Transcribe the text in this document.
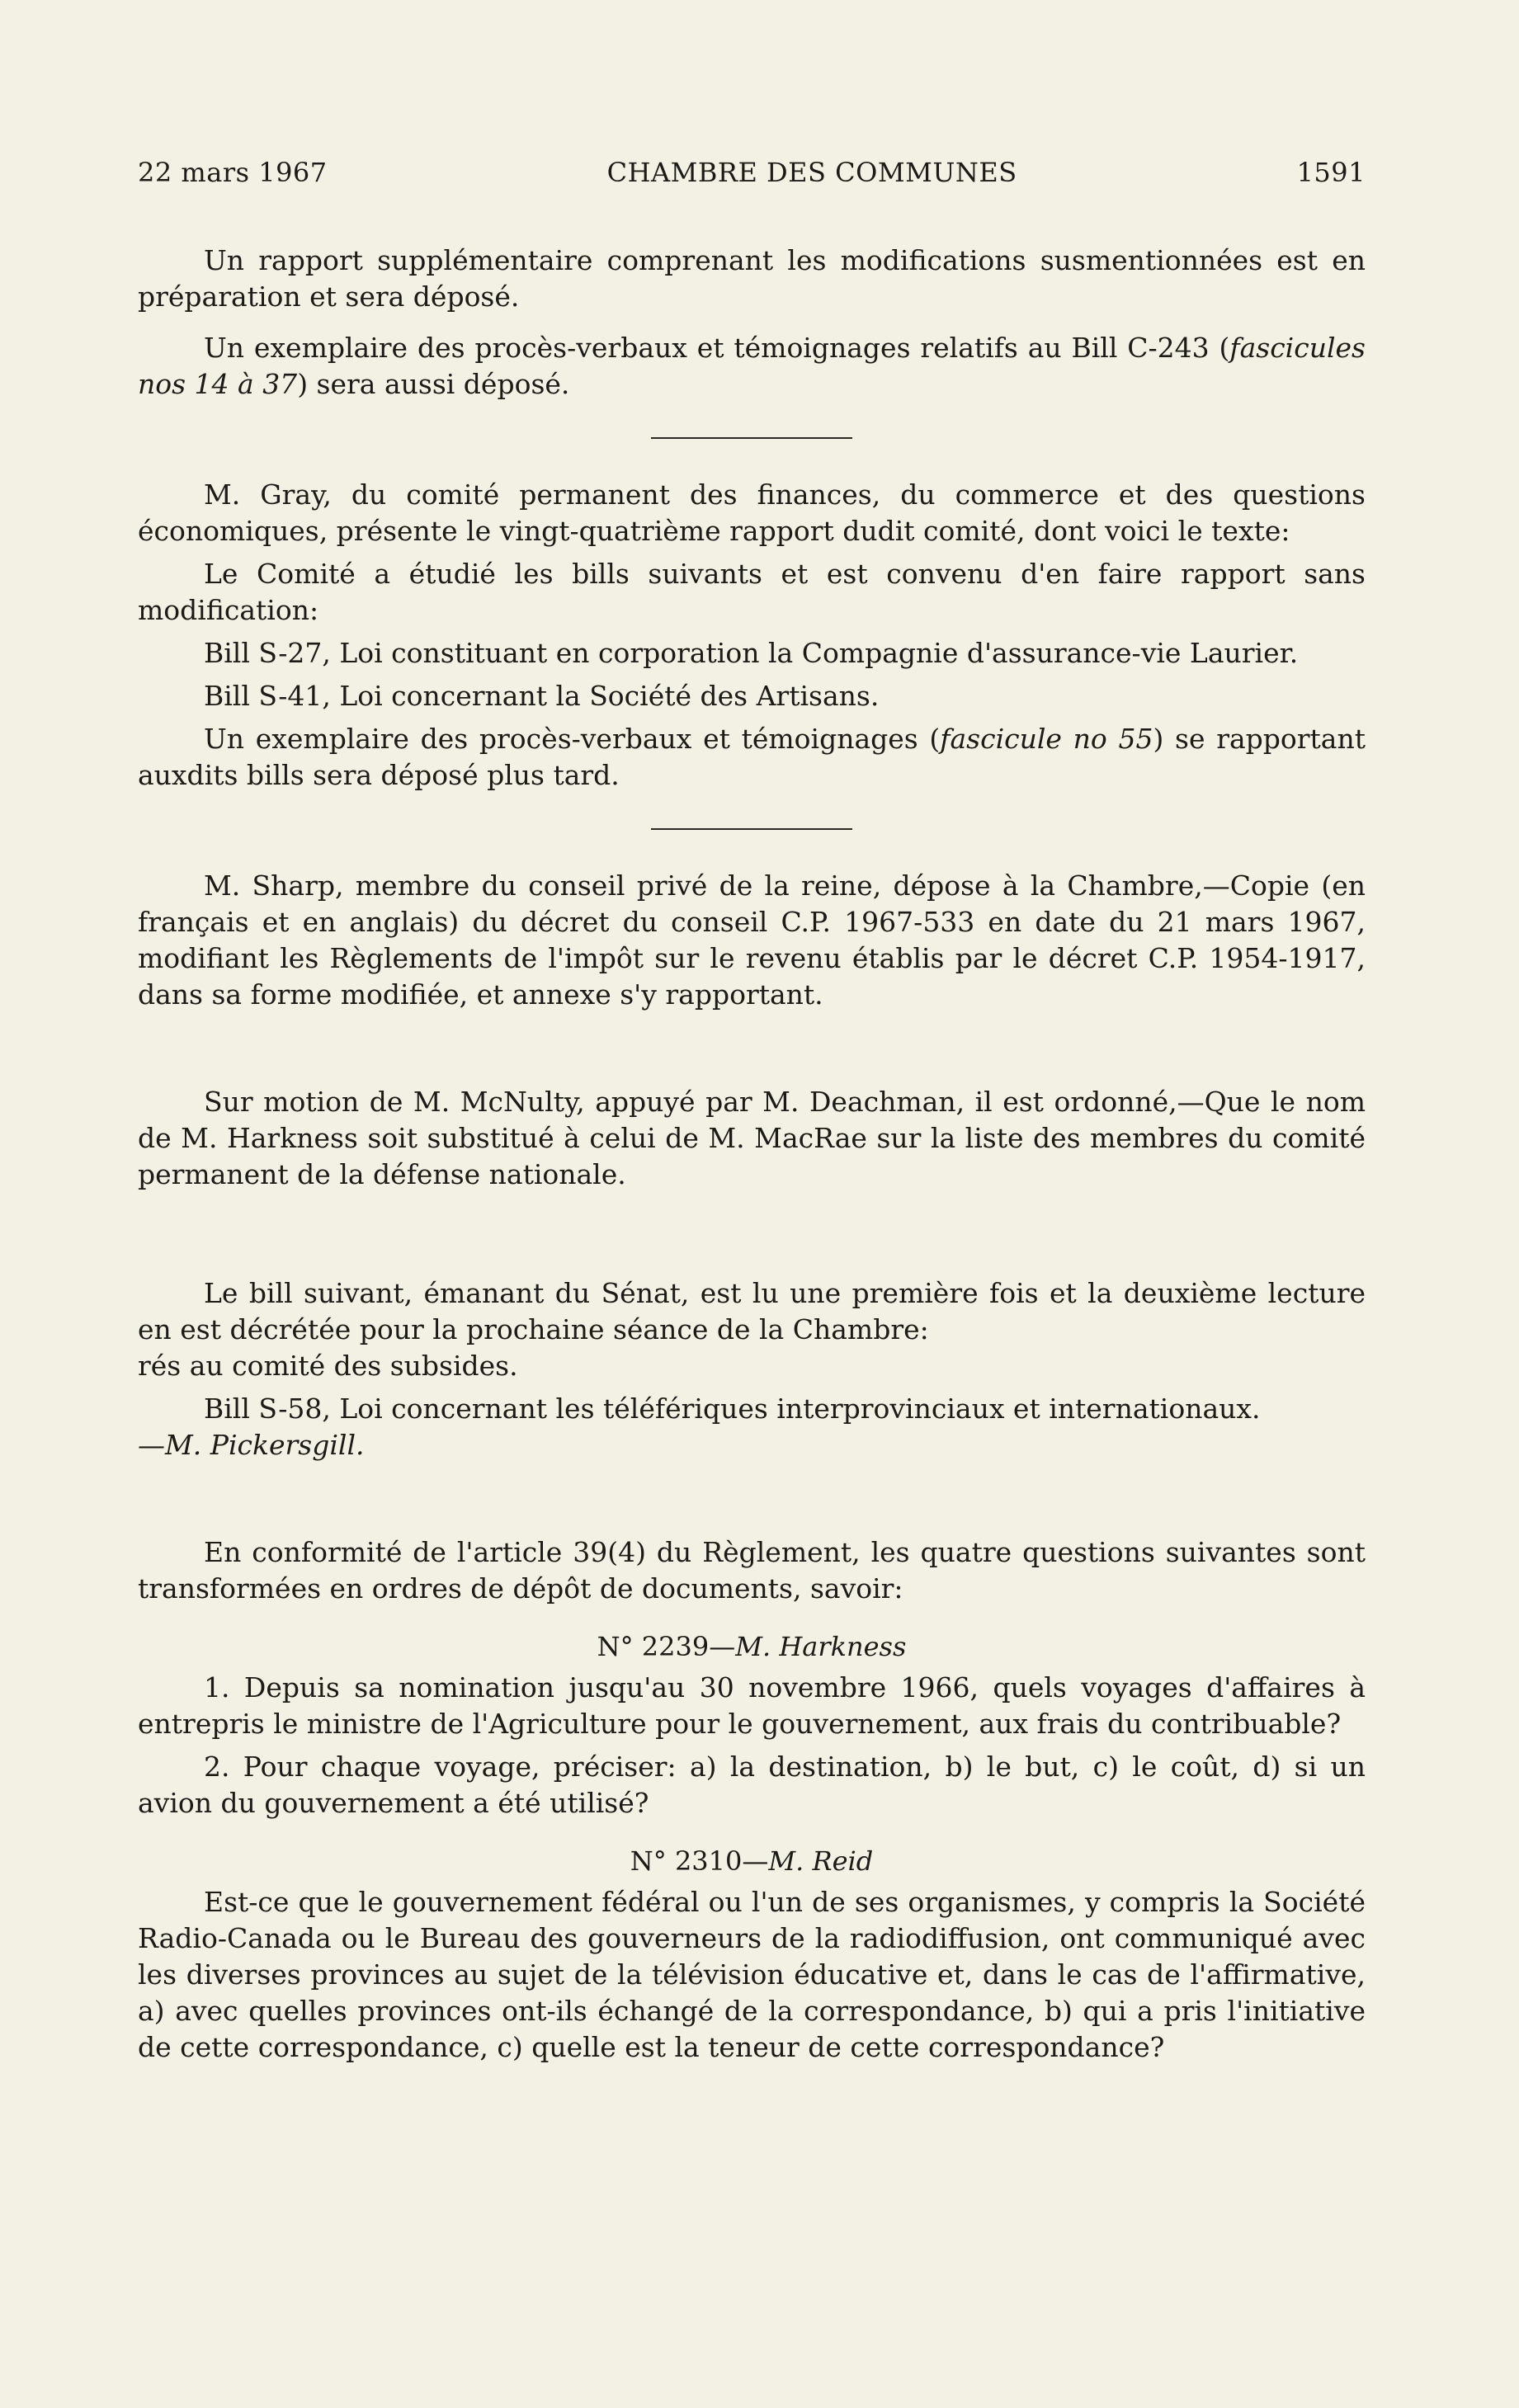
22 mars 1967	CHAMBRE DES COMMUNES	1591

Un rapport supplémentaire comprenant les modifications susmentionnées est en préparation et sera déposé.

Un exemplaire des procès-verbaux et témoignages relatifs au Bill C-243 (fascicules nos 14 à 37) sera aussi déposé.

M. Gray, du comité permanent des finances, du commerce et des questions économiques, présente le vingt-quatrième rapport dudit comité, dont voici le texte:

Le Comité a étudié les bills suivants et est convenu d'en faire rapport sans modification:

Bill S-27, Loi constituant en corporation la Compagnie d'assurance-vie Laurier.

Bill S-41, Loi concernant la Société des Artisans.

Un exemplaire des procès-verbaux et témoignages (fascicule no 55) se rapportant auxdits bills sera déposé plus tard.

M. Sharp, membre du conseil privé de la reine, dépose à la Chambre,—Copie (en français et en anglais) du décret du conseil C.P. 1967-533 en date du 21 mars 1967, modifiant les Règlements de l'impôt sur le revenu établis par le décret C.P. 1954-1917, dans sa forme modifiée, et annexe s'y rapportant.

Sur motion de M. McNulty, appuyé par M. Deachman, il est ordonné,—Que le nom de M. Harkness soit substitué à celui de M. MacRae sur la liste des membres du comité permanent de la défense nationale.

Le bill suivant, émanant du Sénat, est lu une première fois et la deuxième lecture en est décrétée pour la prochaine séance de la Chambre:

rés au comité des subsides.

Bill S-58, Loi concernant les téléfériques interprovinciaux et internationaux.

—M. Pickersgill.

En conformité de l'article 39(4) du Règlement, les quatre questions suivantes sont transformées en ordres de dépôt de documents, savoir:

N° 2239—M. Harkness

1. Depuis sa nomination jusqu'au 30 novembre 1966, quels voyages d'affaires à entrepris le ministre de l'Agriculture pour le gouvernement, aux frais du contribuable?

2. Pour chaque voyage, préciser: a) la destination, b) le but, c) le coût, d) si un avion du gouvernement a été utilisé?

N° 2310—M. Reid

Est-ce que le gouvernement fédéral ou l'un de ses organismes, y compris la Société Radio-Canada ou le Bureau des gouverneurs de la radiodiffusion, ont communiqué avec les diverses provinces au sujet de la télévision éducative et, dans le cas de l'affirmative, a) avec quelles provinces ont-ils échangé de la correspondance, b) qui a pris l'initiative de cette correspondance, c) quelle est la teneur de cette correspondance?
